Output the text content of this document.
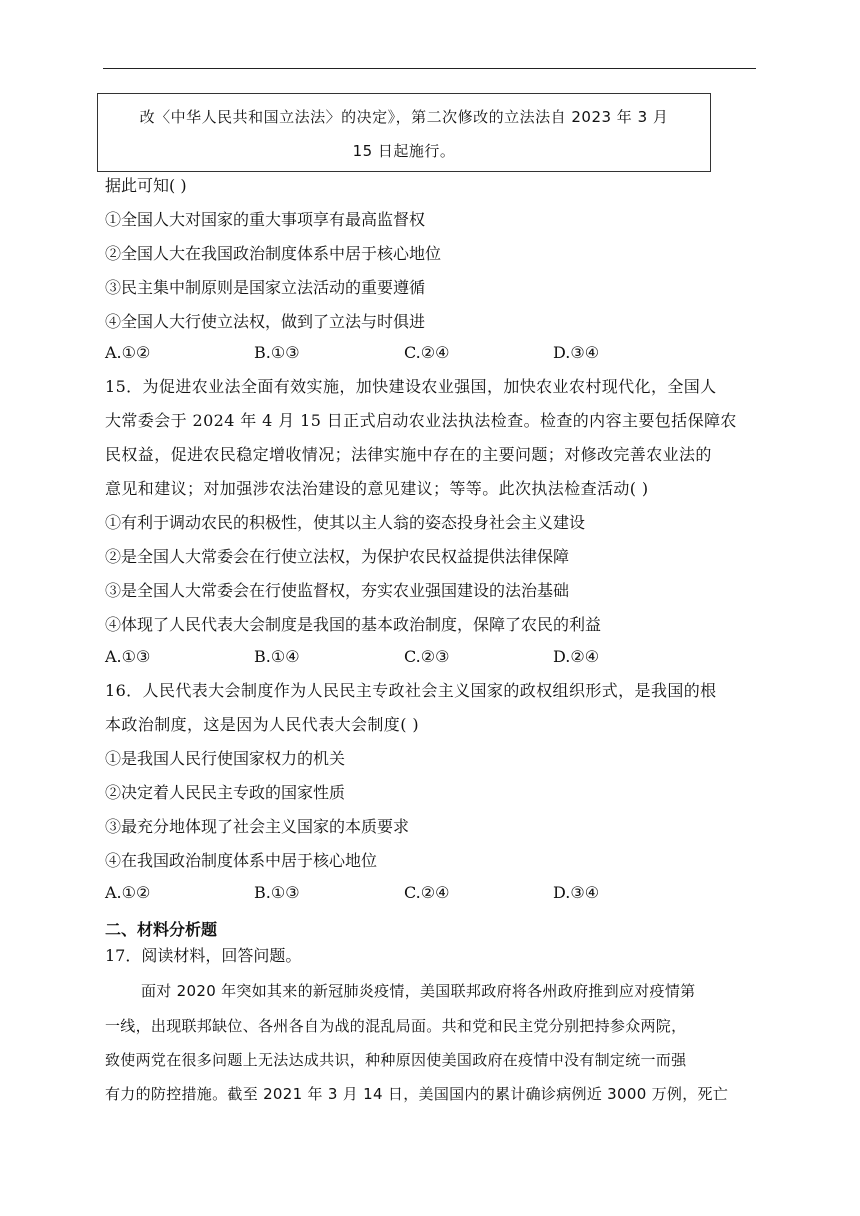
改〈中华人民共和国立法法〉的决定》，第二次修改的立法法自 2023 年 3 月
15 日起施行。
据此可知( )
①全国人大对国家的重大事项享有最高监督权
②全国人大在我国政治制度体系中居于核心地位
③民主集中制原则是国家立法活动的重要遵循
④全国人大行使立法权，做到了立法与时俱进
A.①②	B.①③	C.②④	D.③④
15．为促进农业法全面有效实施，加快建设农业强国，加快农业农村现代化，全国人
大常委会于 2024 年 4 月 15 日正式启动农业法执法检查。检查的内容主要包括保障农
民权益，促进农民稳定增收情况；法律实施中存在的主要问题；对修改完善农业法的
意见和建议；对加强涉农法治建设的意见建议；等等。此次执法检查活动( )
①有利于调动农民的积极性，使其以主人翁的姿态投身社会主义建设
②是全国人大常委会在行使立法权，为保护农民权益提供法律保障
③是全国人大常委会在行使监督权，夯实农业强国建设的法治基础
④体现了人民代表大会制度是我国的基本政治制度，保障了农民的利益
A.①③	B.①④	C.②③	D.②④
16．人民代表大会制度作为人民民主专政社会主义国家的政权组织形式，是我国的根
本政治制度，这是因为人民代表大会制度( )
①是我国人民行使国家权力的机关
②决定着人民民主专政的国家性质
③最充分地体现了社会主义国家的本质要求
④在我国政治制度体系中居于核心地位
A.①②	B.①③	C.②④	D.③④
二、材料分析题
17．阅读材料，回答问题。
面对 2020 年突如其来的新冠肺炎疫情，美国联邦政府将各州政府推到应对疫情第
一线，出现联邦缺位、各州各自为战的混乱局面。共和党和民主党分别把持参众两院，
致使两党在很多问题上无法达成共识，种种原因使美国政府在疫情中没有制定统一而强
有力的防控措施。截至 2021 年 3 月 14 日，美国国内的累计确诊病例近 3000 万例，死亡
